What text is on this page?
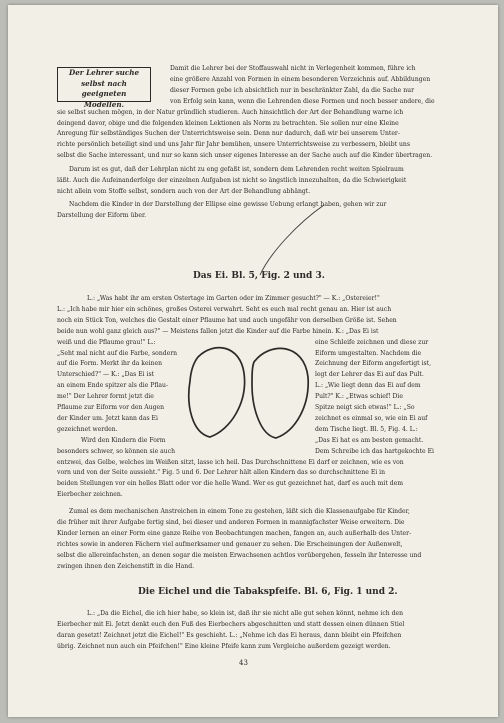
Der Lehrer suche
selbst nach geeigneten
Modellen.
Damit die Lehrer bei der Stoffauswahl nicht in Verlegenheit kommen, führe ich
eine größere Anzahl von Formen in einem besonderen Verzeichnis auf. Abbildungen
dieser Formen gebe ich absichtlich nur in beschränkter Zahl, da die Sache nur
von Erfolg sein kann, wenn die Lehrenden diese Formen und noch besser andere, die
sie selbst suchen mögen, in der Natur gründlich studieren. Auch hinsichtlich der Art der Behandlung warne ich
deingend davor, obige und die folgenden kleinen Lektionen als Norm zu betrachten. Sie sollen nur eine Kleine
Anregung für selbständiges Suchen der Unterrichtsweise sein. Denn nur dadurch, daß wir bei unserem Unter-
richte persönlich beteiligt sind und uns Jahr für Jahr bemühen, unsere Unterrichtsweise zu verbessern, bleibt uns
selbst die Sache interessant, und nur so kann sich unser eigenes Interesse an der Sache auch auf die Kinder übertragen.
Darum ist es gut, daß der Lehrplan nicht zu eng gefaßt ist, sondern dem Lehrenden recht weiten Spielraum
läßt. Auch die Aufeinanderfolge der einzelnen Aufgaben ist nicht so ängstlich innezuhalten, da die Schwierigkeit
nicht allein vom Stoffe selbst, sondern auch von der Art der Behandlung abhängt.
Nachdem die Kinder in der Darstellung der Ellipse eine gewisse Uebung erlangt haben, gehen wir zur
Darstellung der Eiform über.
Das Ei. Bl. 5, Fig. 2 und 3.
L.: „Was habt ihr am ersten Ostertage im Garten oder im Zimmer gesucht?" — K.: „Ostereier!"
L.: „Ich habe mir hier ein schönes, großes Osterei verwahrt. Seht es euch mal recht genau an. Hier ist auch
noch ein Stück Ton, welches die Gestalt einer Pflaume hat und auch ungefähr von derselben Größe ist. Sehen
beide nun wohl ganz gleich aus?" — Meistens fallen jetzt die Kinder auf die Farbe hinein. K.: „Das Ei ist
weiß und die Pflaume grau!" L.:
„Seht mal nicht auf die Farbe, sondern
auf die Form. Merkt ihr da keinen
Unterschied?" — K.: „Das Ei ist
an einem Ende spitzer als die Pflau-
me!" Der Lehrer formt jetzt die
Pflaume zur Eiform vor den Augen
der Kinder um. Jetzt kann das Ei
gezeichnet werden.
Wird den Kindern die Form
besonders schwer, so können sie auch
eine Schleife zeichnen und diese zur
Eiform umgestalten. Nachdem die
Zeichnung der Eiform angefertigt ist,
legt der Lehrer das Ei auf das Pult.
L.: „Wie liegt denn das Ei auf dem
Pult?" K.: „Etwas schief! Die
Spitze neigt sich etwas!" L.: „So
zeichnet es einmal so, wie ein Ei auf
dem Tische liegt. Bl. 5, Fig. 4. L.:
„Das Ei hat es am besten gemacht.
Dem Schreibe ich das hartgekochte Ei
entzwei, das Gelbe, welches im Weißen sitzt, lasse ich heil. Das Durchschnittene Ei darf er zeichnen, wie es von
vorn und von der Seite aussieht." Fig. 5 und 6. Der Lehrer hält allen Kindern das so durchschnittene Ei in
beiden Stellungen vor ein helles Blatt oder vor die helle Wand. Wer es gut gezeichnet hat, darf es auch mit dem
Eierbecher zeichnen.
Zumal es dem mechanischen Anstreichen in einem Tone zu gestehen, läßt sich die Klassenaufgabe für Kinder,
die früher mit ihrer Aufgabe fertig sind, bei dieser und anderen Formen in mannigfachster Weise erweitern. Die
Kinder lernen an einer Form eine ganze Reihe von Beobachtungen machen, fangen an, auch außerhalb des Unter-
richtes sowie in anderen Fächern viel aufmerksamer und genauer zu sehen. Die Erscheinungen der Außenwelt,
selbst die allereinfachsten, an denen sogar die meisten Erwachsenen achtlos vorübergehen, fesseln ihr Interesse und
zwingen ihnen den Zeichenstift in die Hand.
Die Eichel und die Tabakspfeife. Bl. 6, Fig. 1 und 2.
L.: „Da die Eichel, die ich hier habe, so klein ist, daß ihr sie nicht alle gut sehen könnt, nehme ich den
Eierbecher mit Ei. Jetzt denkt euch den Fuß des Eierbechers abgeschnitten und statt dessen einen dünnen Stiel
daran gesetzt! Zeichnet jetzt die Eichel!" Es geschieht. L.: „Nehme ich das Ei heraus, dann bleibt ein Pfeifchen
übrig. Zeichnet nun auch ein Pfeifchen!" Eine kleine Pfeife kann zum Vergleiche außerdem gezeigt werden.
43
